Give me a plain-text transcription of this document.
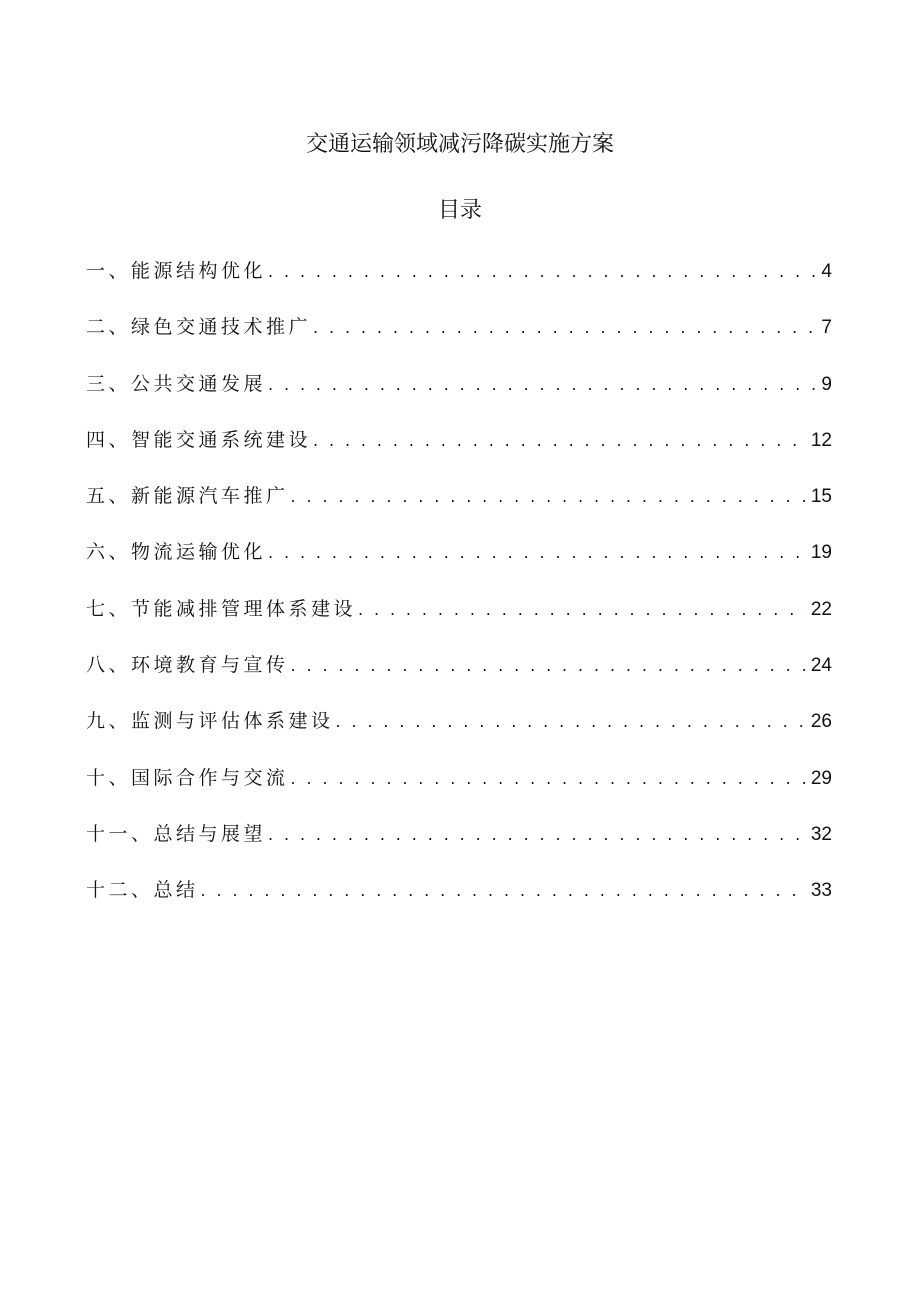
交通运输领域减污降碳实施方案
目录
一、能源结构优化 . . .	4
二、绿色交通技术推广 . . .	7
三、公共交通发展 . . .	9
四、智能交通系统建设 . . .	12
五、新能源汽车推广 . . .	15
六、物流运输优化 . . .	19
七、节能减排管理体系建设 . . .	22
八、环境教育与宣传 . . .	24
九、监测与评估体系建设 . . .	26
十、国际合作与交流 . . .	29
十一、总结与展望 . . .	32
十二、总结 . . .	33
